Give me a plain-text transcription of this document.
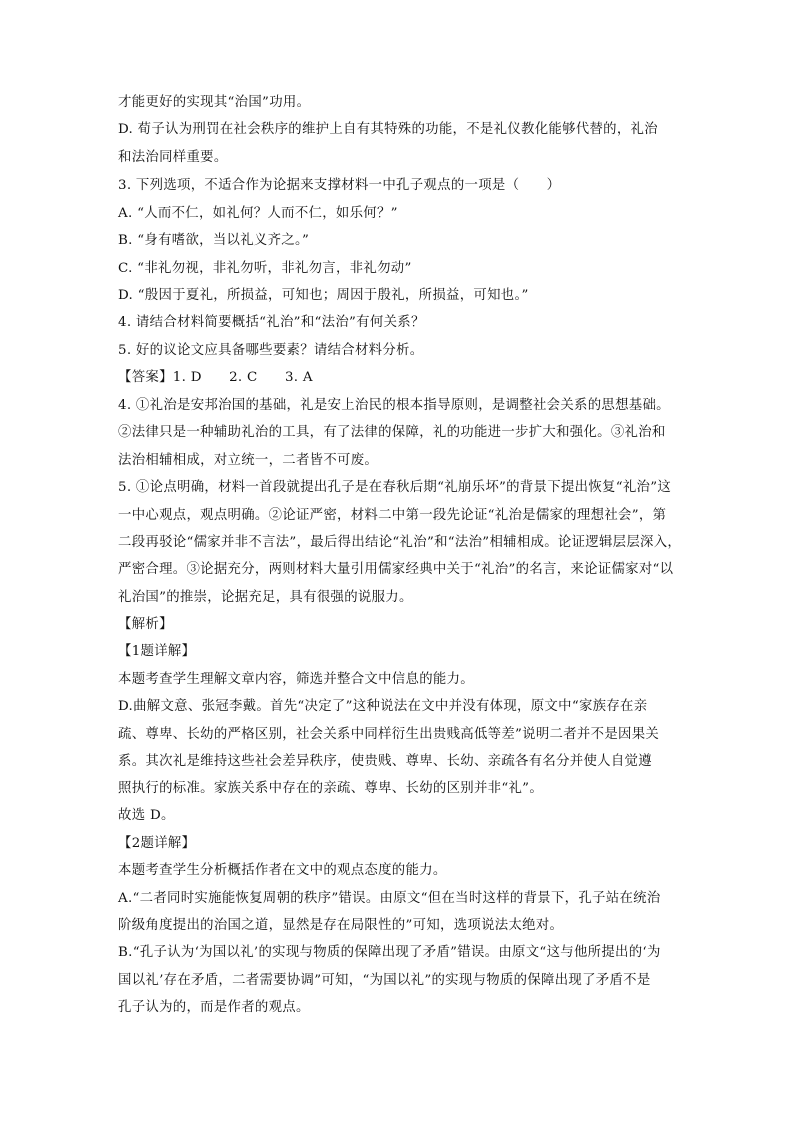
才能更好的实现其“治国”功用。
D. 荀子认为刑罚在社会秩序的维护上自有其特殊的功能，不是礼仪教化能够代替的，礼治
和法治同样重要。
3. 下列选项，不适合作为论据来支撑材料一中孔子观点的一项是（　　）
A. “人而不仁，如礼何？人而不仁，如乐何？”
B. “身有嗜欲，当以礼义齐之。”
C. “非礼勿视，非礼勿听，非礼勿言，非礼勿动”
D. “殷因于夏礼，所损益，可知也；周因于殷礼，所损益，可知也。”
4. 请结合材料简要概括“礼治”和“法治”有何关系？
5. 好的议论文应具备哪些要素？请结合材料分析。
【答案】1. D　　2. C　　3. A
4. ①礼治是安邦治国的基础，礼是安上治民的根本指导原则，是调整社会关系的思想基础。
②法律只是一种辅助礼治的工具，有了法律的保障，礼的功能进一步扩大和强化。③礼治和
法治相辅相成，对立统一，二者皆不可废。
5. ①论点明确，材料一首段就提出孔子是在春秋后期“礼崩乐坏”的背景下提出恢复“礼治”这
一中心观点，观点明确。②论证严密，材料二中第一段先论证“礼治是儒家的理想社会”，第
二段再驳论“儒家并非不言法”，最后得出结论“礼治”和“法治”相辅相成。论证逻辑层层深入，
严密合理。③论据充分，两则材料大量引用儒家经典中关于“礼治”的名言，来论证儒家对“以
礼治国”的推崇，论据充足，具有很强的说服力。
【解析】
【1题详解】
本题考查学生理解文章内容，筛选并整合文中信息的能力。
D.曲解文意、张冠李戴。首先“决定了”这种说法在文中并没有体现，原文中“家族存在亲
疏、尊卑、长幼的严格区别，社会关系中同样衍生出贵贱高低等差”说明二者并不是因果关
系。其次礼是维持这些社会差异秩序，使贵贱、尊卑、长幼、亲疏各有名分并使人自觉遵
照执行的标准。家族关系中存在的亲疏、尊卑、长幼的区别并非“礼”。
故选 D。
【2题详解】
本题考查学生分析概括作者在文中的观点态度的能力。
A.“二者同时实施能恢复周朝的秩序”错误。由原文“但在当时这样的背景下，孔子站在统治
阶级角度提出的治国之道，显然是存在局限性的”可知，选项说法太绝对。
B.“孔子认为‘为国以礼’的实现与物质的保障出现了矛盾”错误。由原文“这与他所提出的‘为
国以礼’存在矛盾，二者需要协调”可知，“为国以礼”的实现与物质的保障出现了矛盾不是
孔子认为的，而是作者的观点。
